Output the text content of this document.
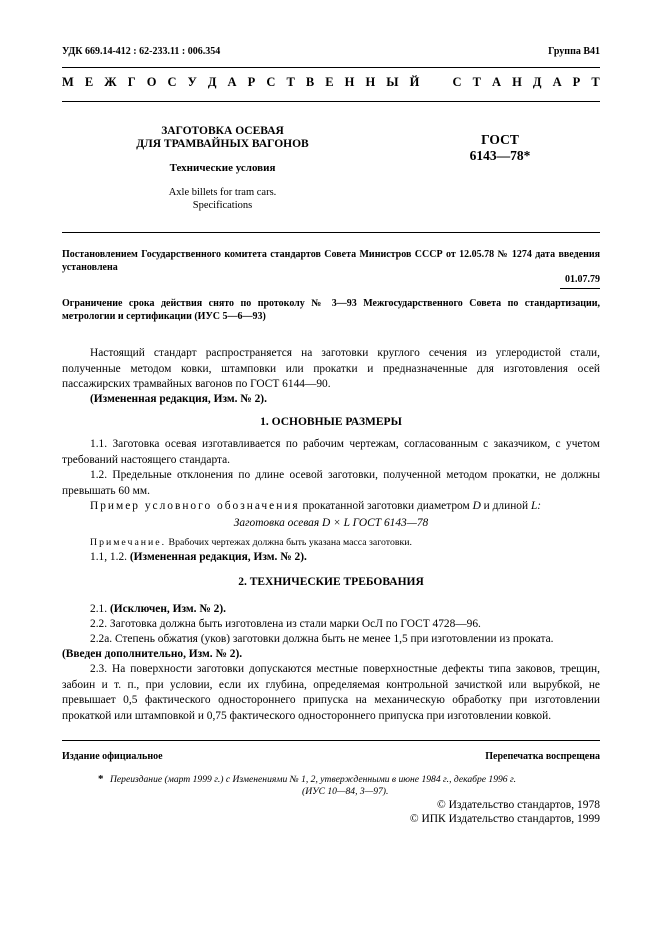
УДК 669.14-412 : 62-233.11 : 006.354	Группа В41
М Е Ж Г О С У Д А Р С Т В Е Н Н Ы Й	С Т А Н Д А Р Т
ЗАГОТОВКА ОСЕВАЯ
ДЛЯ ТРАМВАЙНЫХ ВАГОНОВ
Технические условия
Axle billets for tram cars.
Specifications
ГОСТ
6143—78*
Постановлением Государственного комитета стандартов Совета Министров СССР от 12.05.78 № 1274 дата введения установлена
01.07.79
Ограничение срока действия снято по протоколу № 3—93 Межгосударственного Совета по стандартизации, метрологии и сертификации (ИУС 5—6—93)
Настоящий стандарт распространяется на заготовки круглого сечения из углеродистой стали, полученные методом ковки, штамповки или прокатки и предназначенные для изготовления осей пассажирских трамвайных вагонов по ГОСТ 6144—90.
(Измененная редакция, Изм. № 2).
1. ОСНОВНЫЕ РАЗМЕРЫ
1.1. Заготовка осевая изготавливается по рабочим чертежам, согласованным с заказчиком, с учетом требований настоящего стандарта.
1.2. Предельные отклонения по длине осевой заготовки, полученной методом прокатки, не должны превышать 60 мм.
Пример условного обозначения прокатанной заготовки диаметром D и длиной L:
Заготовка осевая D × L ГОСТ 6143—78
Примечание. Врабочих чертежах должна быть указана масса заготовки.
1.1, 1.2. (Измененная редакция, Изм. № 2).
2. ТЕХНИЧЕСКИЕ ТРЕБОВАНИЯ
2.1. (Исключен, Изм. № 2).
2.2. Заготовка должна быть изготовлена из стали марки ОсЛ по ГОСТ 4728—96.
2.2а. Степень обжатия (уков) заготовки должна быть не менее 1,5 при изготовлении из проката.
(Введен дополнительно, Изм. № 2).
2.3. На поверхности заготовки допускаются местные поверхностные дефекты типа заковов, трещин, забоин и т. п., при условии, если их глубина, определяемая контрольной зачисткой или вырубкой, не превышает 0,5 фактического одностороннего припуска на механическую обработку при изготовлении прокаткой или штамповкой и 0,75 фактического одностороннего припуска при изготовлении ковкой.
Издание официальное	Перепечатка воспрещена
* Переиздание (март 1999 г.) с Изменениями № 1, 2, утвержденными в июне 1984 г., декабре 1996 г.
(ИУС 10—84, 3—97).
© Издательство стандартов, 1978
© ИПК Издательство стандартов, 1999
